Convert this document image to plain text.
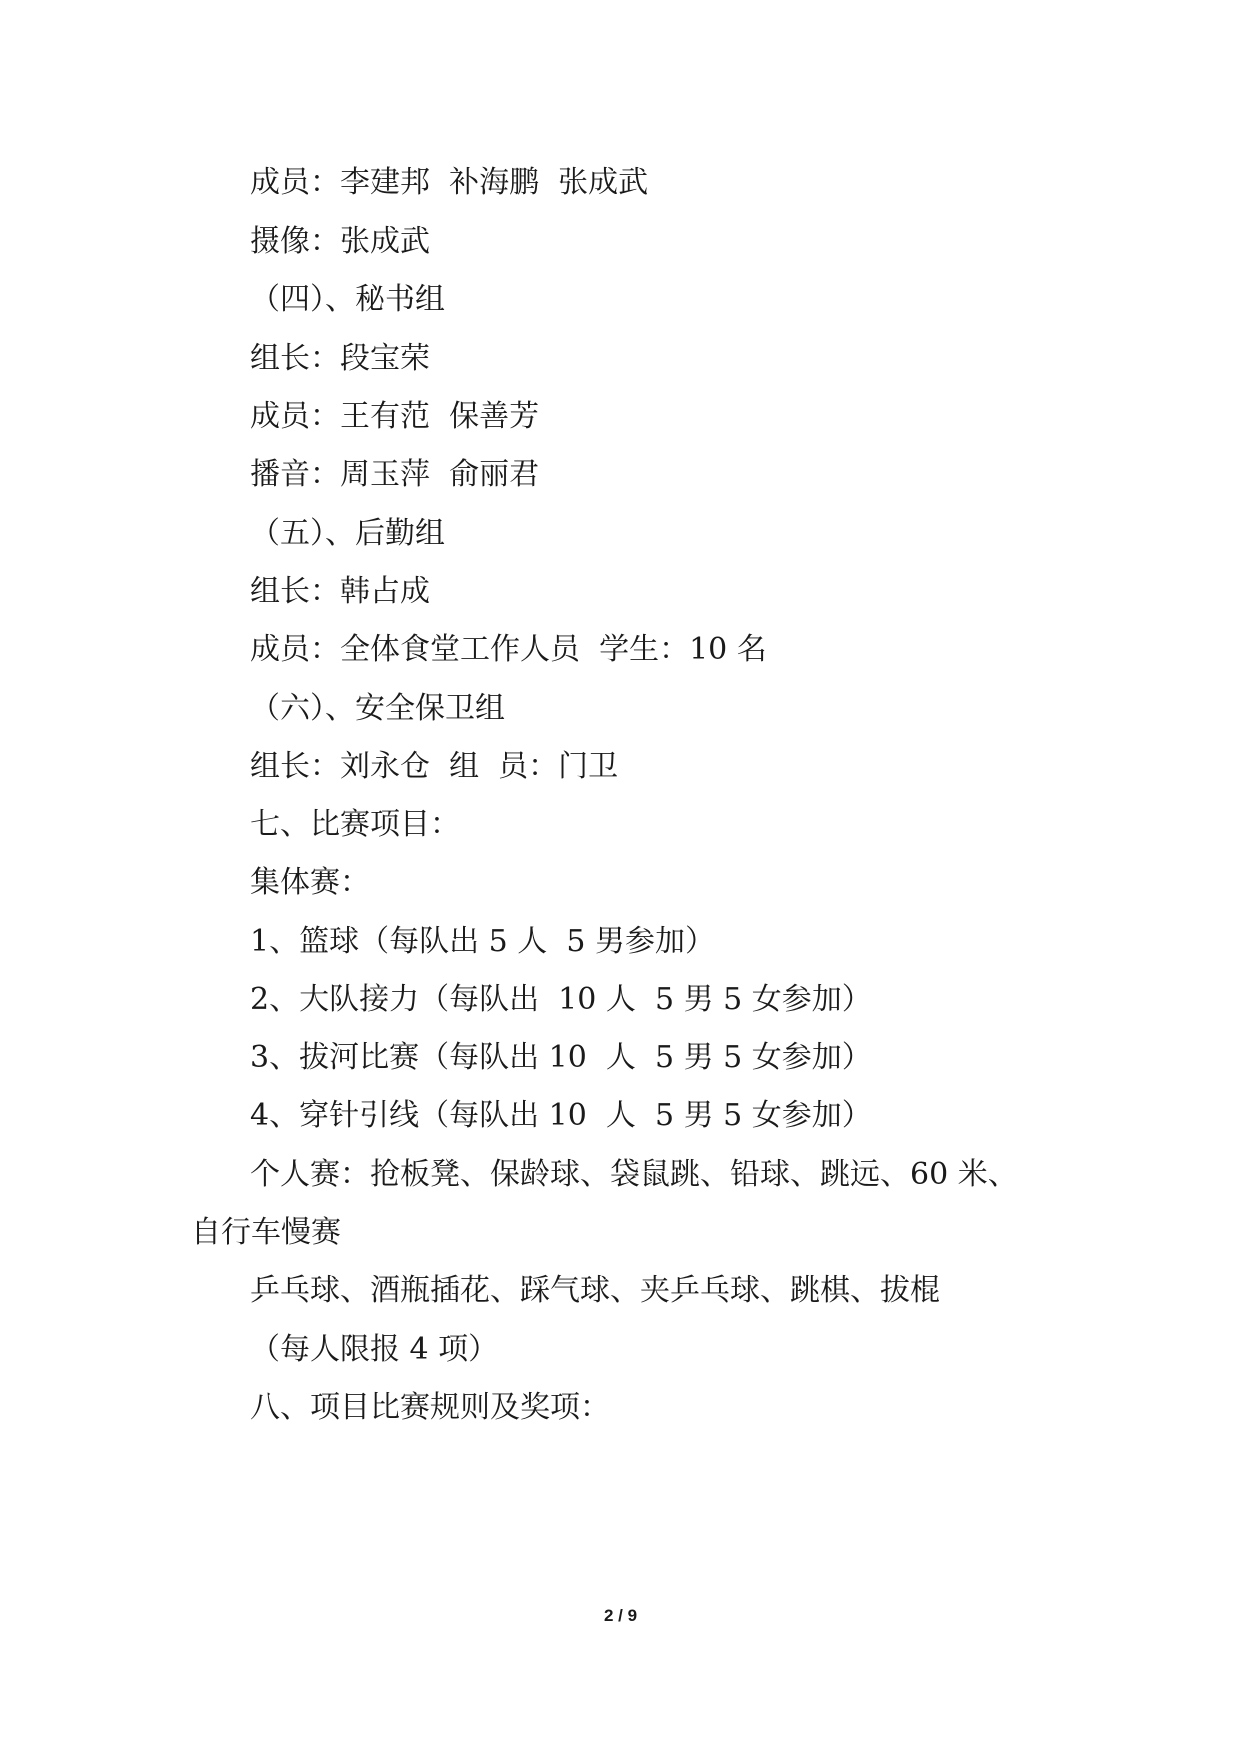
成员：李建邦  补海鹏  张成武

摄像：张成武

（四）、秘书组

组长：段宝荣

成员：王有范  保善芳

播音：周玉萍  俞丽君

（五）、后勤组

组长：韩占成

成员：全体食堂工作人员  学生：10 名

（六）、安全保卫组

组长：刘永仓  组  员：门卫

七、比赛项目：

集体赛：

1、篮球（每队出 5 人  5 男参加）

2、大队接力（每队出  10 人  5 男 5 女参加）

3、拔河比赛（每队出 10  人  5 男 5 女参加）

4、穿针引线（每队出 10  人  5 男 5 女参加）

个人赛：抢板凳、保龄球、袋鼠跳、铅球、跳远、60 米、

自行车慢赛

乒乓球、酒瓶插花、踩气球、夹乒乓球、跳棋、拔棍

（每人限报 4 项）

八、项目比赛规则及奖项：

2 / 9
